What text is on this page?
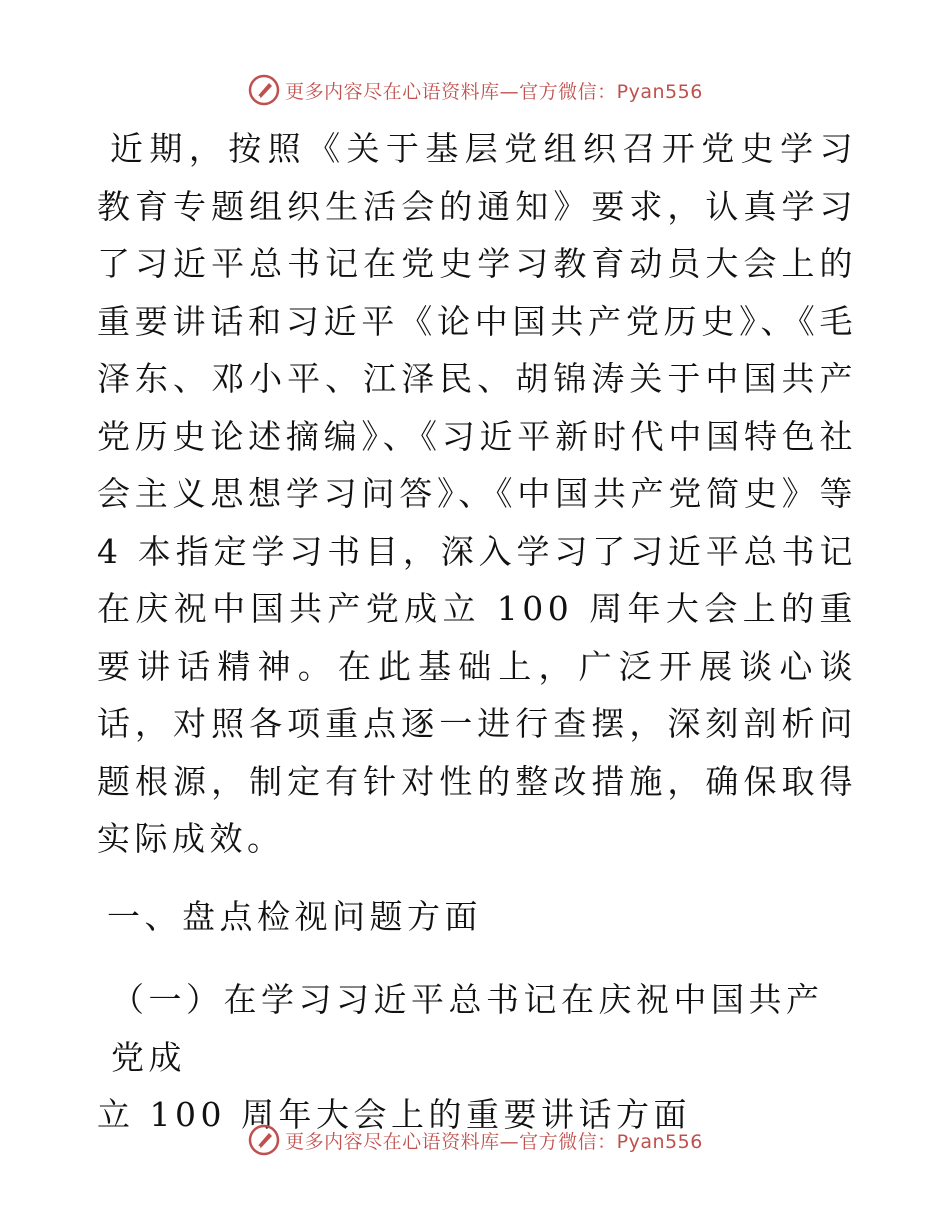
更多内容尽在心语资料库—官方微信：Pyan556

近期，按照《关于基层党组织召开党史学习教育专题组织生活会的通知》要求，认真学习了习近平总书记在党史学习教育动员大会上的重要讲话和习近平《论中国共产党历史》、《毛泽东、邓小平、江泽民、胡锦涛关于中国共产党历史论述摘编》、《习近平新时代中国特色社会主义思想学习问答》、《中国共产党简史》等 4 本指定学习书目，深入学习了习近平总书记在庆祝中国共产党成立 100 周年大会上的重要讲话精神。在此基础上，广泛开展谈心谈话，对照各项重点逐一进行查摆，深刻剖析问题根源，制定有针对性的整改措施，确保取得实际成效。

一、盘点检视问题方面

（一）在学习习近平总书记在庆祝中国共产党成
立 100 周年大会上的重要讲话方面

更多内容尽在心语资料库—官方微信：Pyan556
